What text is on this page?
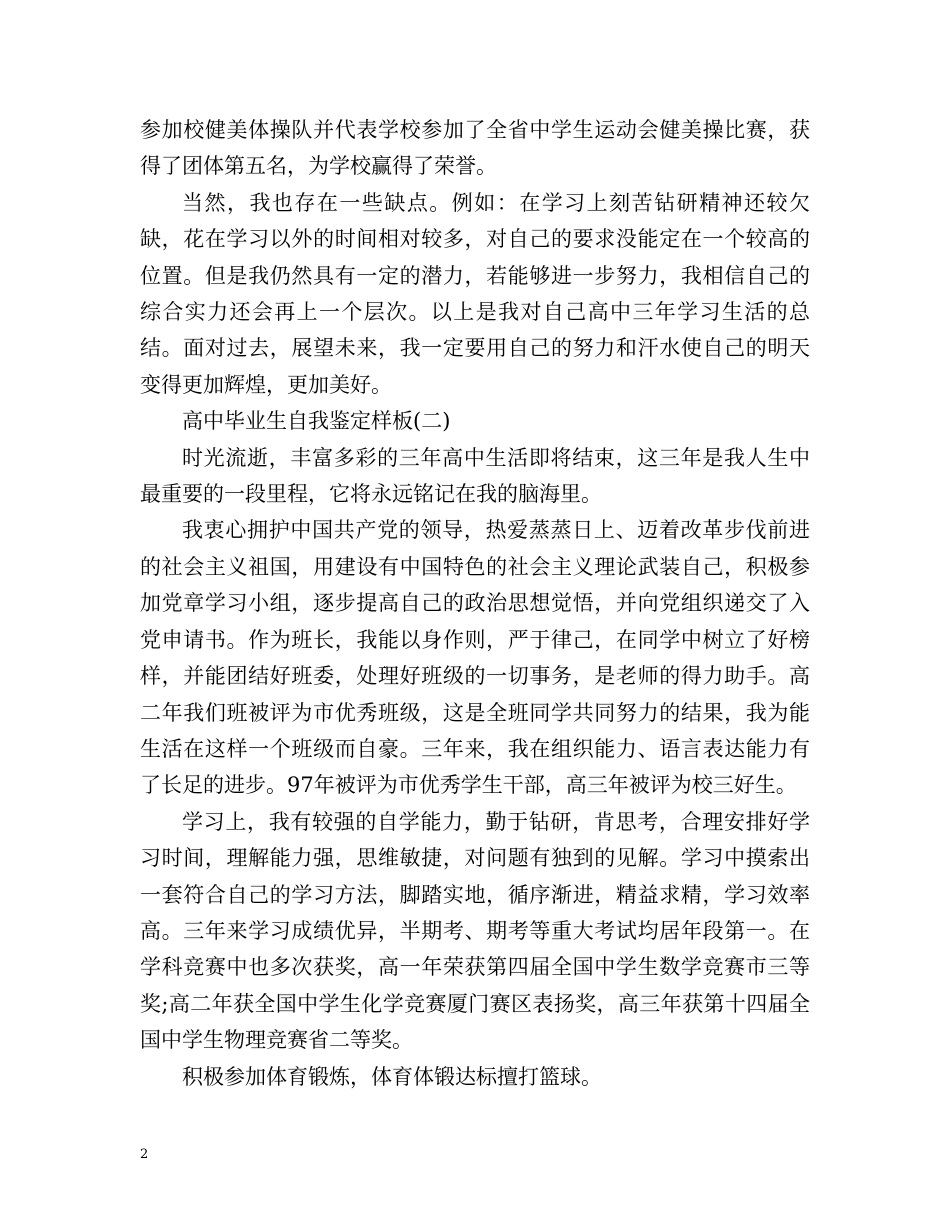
参加校健美体操队并代表学校参加了全省中学生运动会健美操比赛，获得了团体第五名，为学校赢得了荣誉。

当然，我也存在一些缺点。例如：在学习上刻苦钻研精神还较欠缺，花在学习以外的时间相对较多，对自己的要求没能定在一个较高的位置。但是我仍然具有一定的潜力，若能够进一步努力，我相信自己的综合实力还会再上一个层次。以上是我对自己高中三年学习生活的总结。面对过去，展望未来，我一定要用自己的努力和汗水使自己的明天变得更加辉煌，更加美好。

高中毕业生自我鉴定样板(二)

时光流逝，丰富多彩的三年高中生活即将结束，这三年是我人生中最重要的一段里程，它将永远铭记在我的脑海里。

我衷心拥护中国共产党的领导，热爱蒸蒸日上、迈着改革步伐前进的社会主义祖国，用建设有中国特色的社会主义理论武装自己，积极参加党章学习小组，逐步提高自己的政治思想觉悟，并向党组织递交了入党申请书。作为班长，我能以身作则，严于律己，在同学中树立了好榜样，并能团结好班委，处理好班级的一切事务，是老师的得力助手。高二年我们班被评为市优秀班级，这是全班同学共同努力的结果，我为能生活在这样一个班级而自豪。三年来，我在组织能力、语言表达能力有了长足的进步。97年被评为市优秀学生干部，高三年被评为校三好生。

学习上，我有较强的自学能力，勤于钻研，肯思考，合理安排好学习时间，理解能力强，思维敏捷，对问题有独到的见解。学习中摸索出一套符合自己的学习方法，脚踏实地，循序渐进，精益求精，学习效率高。三年来学习成绩优异，半期考、期考等重大考试均居年段第一。在学科竞赛中也多次获奖，高一年荣获第四届全国中学生数学竞赛市三等奖;高二年获全国中学生化学竞赛厦门赛区表扬奖，高三年获第十四届全国中学生物理竞赛省二等奖。

积极参加体育锻炼，体育体锻达标擅打篮球。

2
